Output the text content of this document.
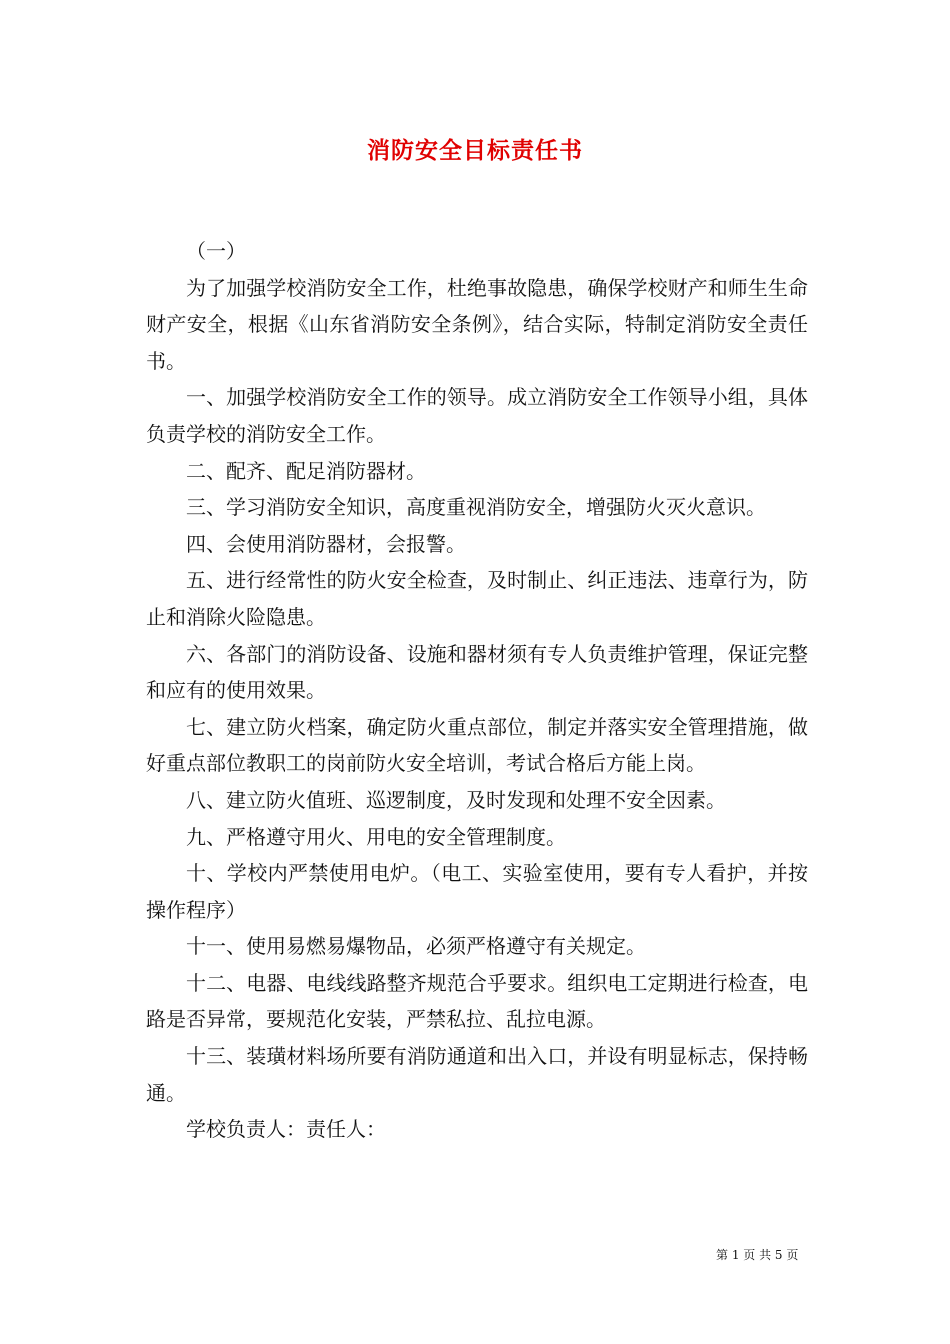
消防安全目标责任书

（一）

为了加强学校消防安全工作，杜绝事故隐患，确保学校财产和师生生命财产安全，根据《山东省消防安全条例》，结合实际，特制定消防安全责任书。

一、加强学校消防安全工作的领导。成立消防安全工作领导小组，具体负责学校的消防安全工作。

二、配齐、配足消防器材。

三、学习消防安全知识，高度重视消防安全，增强防火灭火意识。

四、会使用消防器材，会报警。

五、进行经常性的防火安全检查，及时制止、纠正违法、违章行为，防止和消除火险隐患。

六、各部门的消防设备、设施和器材须有专人负责维护管理，保证完整和应有的使用效果。

七、建立防火档案，确定防火重点部位，制定并落实安全管理措施，做好重点部位教职工的岗前防火安全培训，考试合格后方能上岗。

八、建立防火值班、巡逻制度，及时发现和处理不安全因素。

九、严格遵守用火、用电的安全管理制度。

十、学校内严禁使用电炉。（电工、实验室使用，要有专人看护，并按操作程序）

十一、使用易燃易爆物品，必须严格遵守有关规定。

十二、电器、电线线路整齐规范合乎要求。组织电工定期进行检查，电路是否异常，要规范化安装，严禁私拉、乱拉电源。

十三、装璜材料场所要有消防通道和出入口，并设有明显标志，保持畅通。

学校负责人：责任人：

第 1 页 共 5 页
